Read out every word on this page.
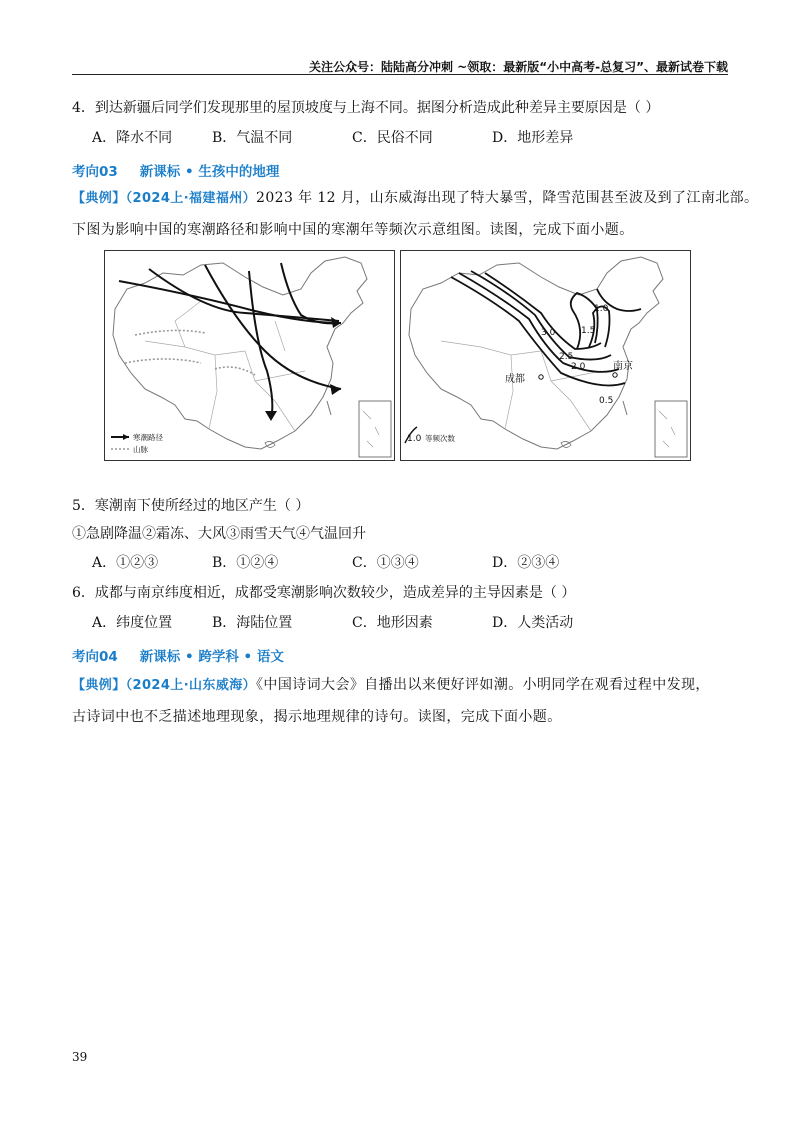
关注公众号：陆陆高分冲刺 ~领取：最新版“小中高考-总复习”、最新试卷下载
4．到达新疆后同学们发现那里的屋顶坡度与上海不同。据图分析造成此种差异主要原因是（ ）
A．降水不同	B．气温不同	C．民俗不同	D．地形差异
考向03 新课标 • 生孩中的地理
【典例】（2024上·福建福州）2023 年 12 月，山东威海出现了特大暴雪，降雪范围甚至波及到了江南北部。
下图为影响中国的寒潮路径和影响中国的寒潮年等频次示意组图。读图，完成下面小题。
寒潮路径
山脉
1.0
1.5
3.0
2.5
2.0
0.5
成都
南京
1.0 等频次数
5．寒潮南下使所经过的地区产生（ ）
①急剧降温②霜冻、大风③雨雪天气④气温回升
A．①②③	B．①②④	C．①③④	D．②③④
6．成都与南京纬度相近，成都受寒潮影响次数较少，造成差异的主导因素是（ ）
A．纬度位置	B．海陆位置	C．地形因素	D．人类活动
考向04 新课标 • 跨学科 • 语文
【典例】（2024上·山东威海）《中国诗词大会》自播出以来便好评如潮。小明同学在观看过程中发现，
古诗词中也不乏描述地理现象，揭示地理规律的诗句。读图，完成下面小题。
39
